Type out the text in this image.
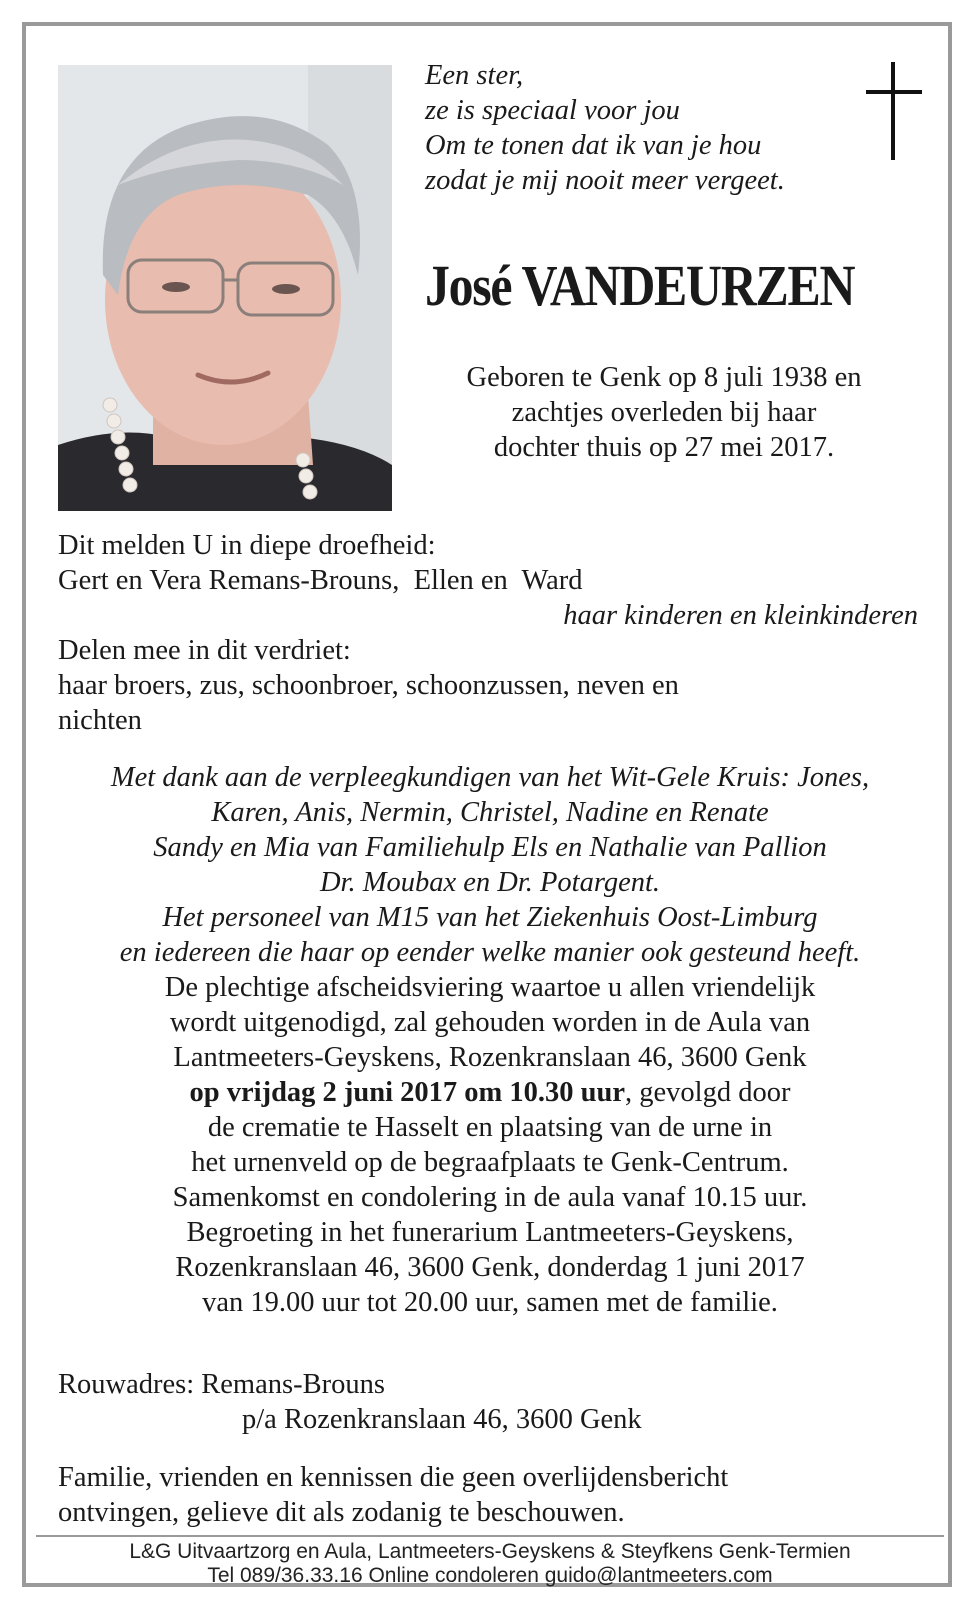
Een ster,
ze is speciaal voor jou
Om te tonen dat ik van je hou
zodat je mij nooit meer vergeet.
José VANDEURZEN
Geboren te Genk op 8 juli 1938 en
zachtjes overleden bij haar
dochter thuis op 27 mei 2017.
Dit melden U in diepe droefheid:
Gert en Vera Remans-Brouns,  Ellen en  Ward
haar kinderen en kleinkinderen
Delen mee in dit verdriet:
haar broers, zus, schoonbroer, schoonzussen, neven en
nichten
Met dank aan de verpleegkundigen van het Wit-Gele Kruis: Jones,
Karen, Anis, Nermin, Christel, Nadine en Renate
Sandy en Mia van Familiehulp Els en Nathalie van Pallion
Dr. Moubax en Dr. Potargent.
Het personeel van M15 van het Ziekenhuis Oost-Limburg
en iedereen die haar op eender welke manier ook gesteund heeft.
De plechtige afscheidsviering waartoe u allen vriendelijk
wordt uitgenodigd, zal gehouden worden in de Aula van
Lantmeeters-Geyskens, Rozenkranslaan 46, 3600 Genk
op vrijdag 2 juni 2017 om 10.30 uur, gevolgd door
de crematie te Hasselt en plaatsing van de urne in
het urnenveld op de begraafplaats te Genk-Centrum.
Samenkomst en condolering in de aula vanaf 10.15 uur.
Begroeting in het funerarium Lantmeeters-Geyskens,
Rozenkranslaan 46, 3600 Genk, donderdag 1 juni 2017
van 19.00 uur tot 20.00 uur, samen met de familie.
Rouwadres: Remans-Brouns
p/a Rozenkranslaan 46, 3600 Genk
Familie, vrienden en kennissen die geen overlijdensbericht
ontvingen, gelieve dit als zodanig te beschouwen.
L&G Uitvaartzorg en Aula, Lantmeeters-Geyskens & Steyfkens Genk-Termien
Tel 089/36.33.16 Online condoleren guido@lantmeeters.com
